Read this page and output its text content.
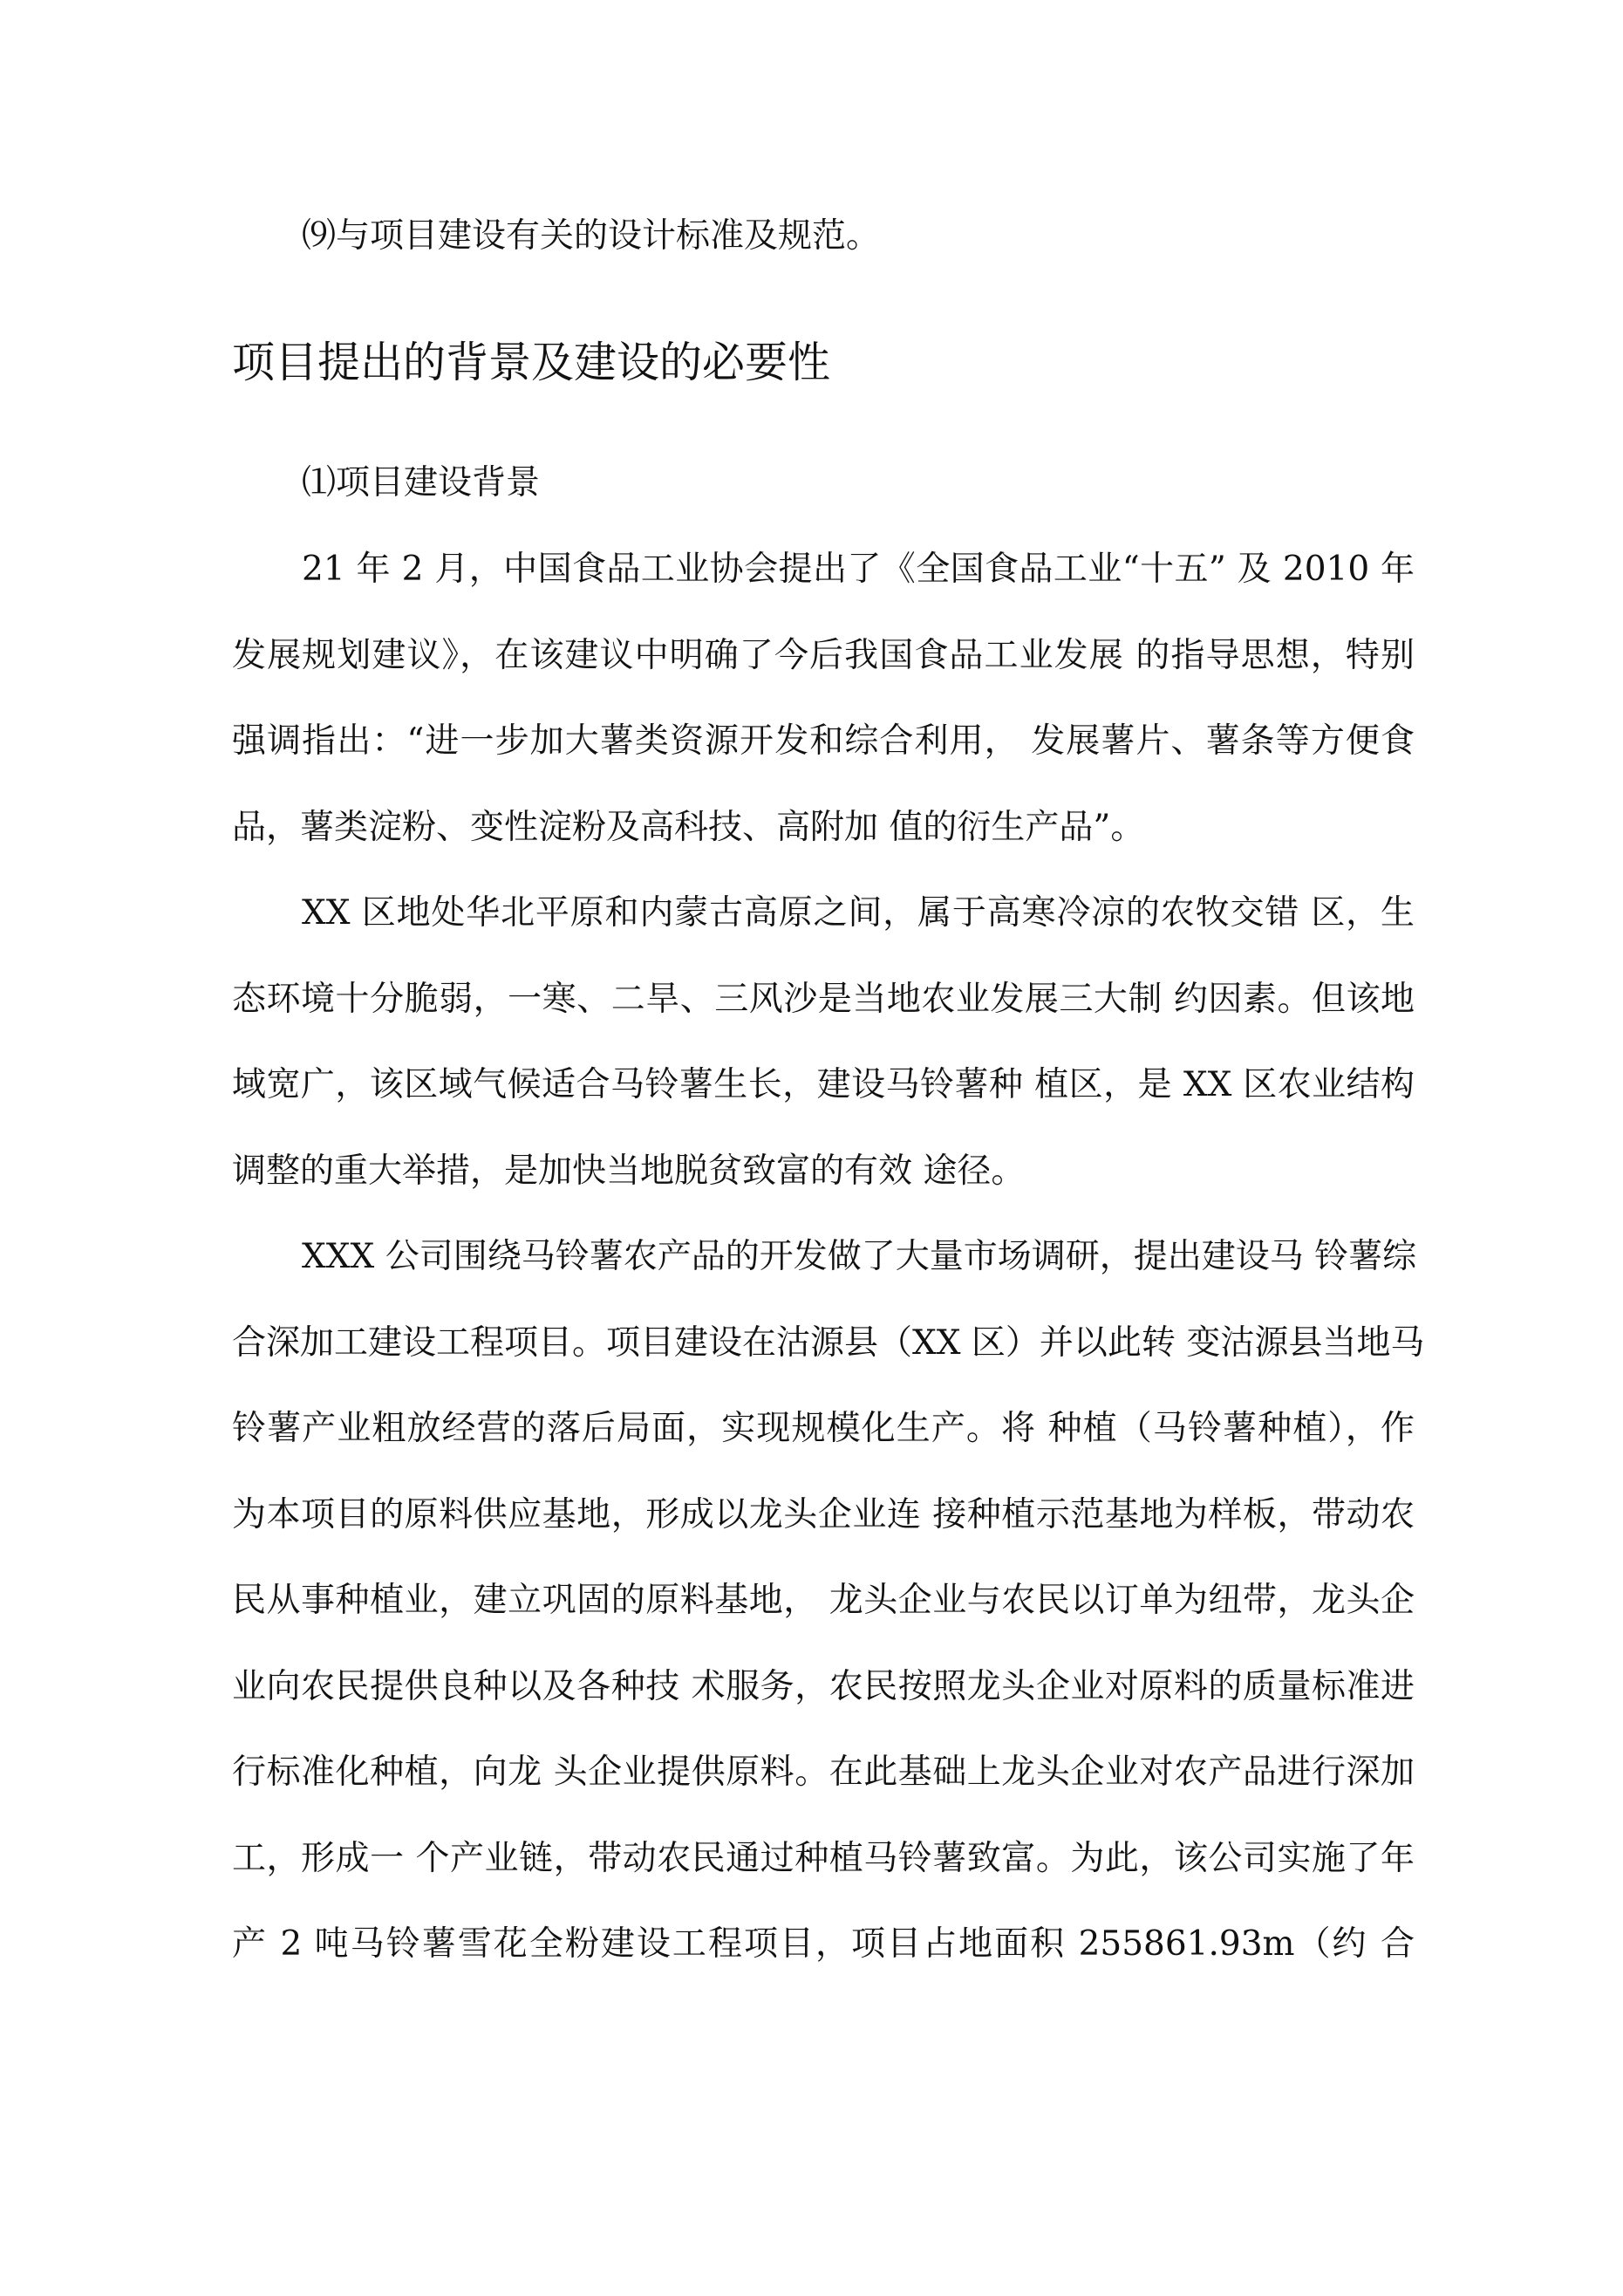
⑼与项目建设有关的设计标准及规范。
项目提出的背景及建设的必要性
⑴项目建设背景
21 年 2 月，中国食品工业协会提出了《全国食品工业“十五” 及 2010 年
发展规划建议》，在该建议中明确了今后我国食品工业发展 的指导思想，特别
强调指出：“进一步加大薯类资源开发和综合利用， 发展薯片、薯条等方便食
品，薯类淀粉、变性淀粉及高科技、高附加 值的衍生产品”。
XX 区地处华北平原和内蒙古高原之间，属于高寒冷凉的农牧交错 区，生
态环境十分脆弱，一寒、二旱、三风沙是当地农业发展三大制 约因素。但该地
域宽广，该区域气候适合马铃薯生长，建设马铃薯种 植区，是 XX 区农业结构
调整的重大举措，是加快当地脱贫致富的有效 途径。
XXX 公司围绕马铃薯农产品的开发做了大量市场调研，提出建设马 铃薯综
合深加工建设工程项目。项目建设在沽源县（XX 区）并以此转 变沽源县当地马
铃薯产业粗放经营的落后局面，实现规模化生产。将 种植（马铃薯种植），作
为本项目的原料供应基地，形成以龙头企业连 接种植示范基地为样板，带动农
民从事种植业，建立巩固的原料基地， 龙头企业与农民以订单为纽带，龙头企
业向农民提供良种以及各种技 术服务，农民按照龙头企业对原料的质量标准进
行标准化种植，向龙 头企业提供原料。在此基础上龙头企业对农产品进行深加
工，形成一 个产业链，带动农民通过种植马铃薯致富。为此，该公司实施了年
产 2 吨马铃薯雪花全粉建设工程项目，项目占地面积 255861.93m（约 合
